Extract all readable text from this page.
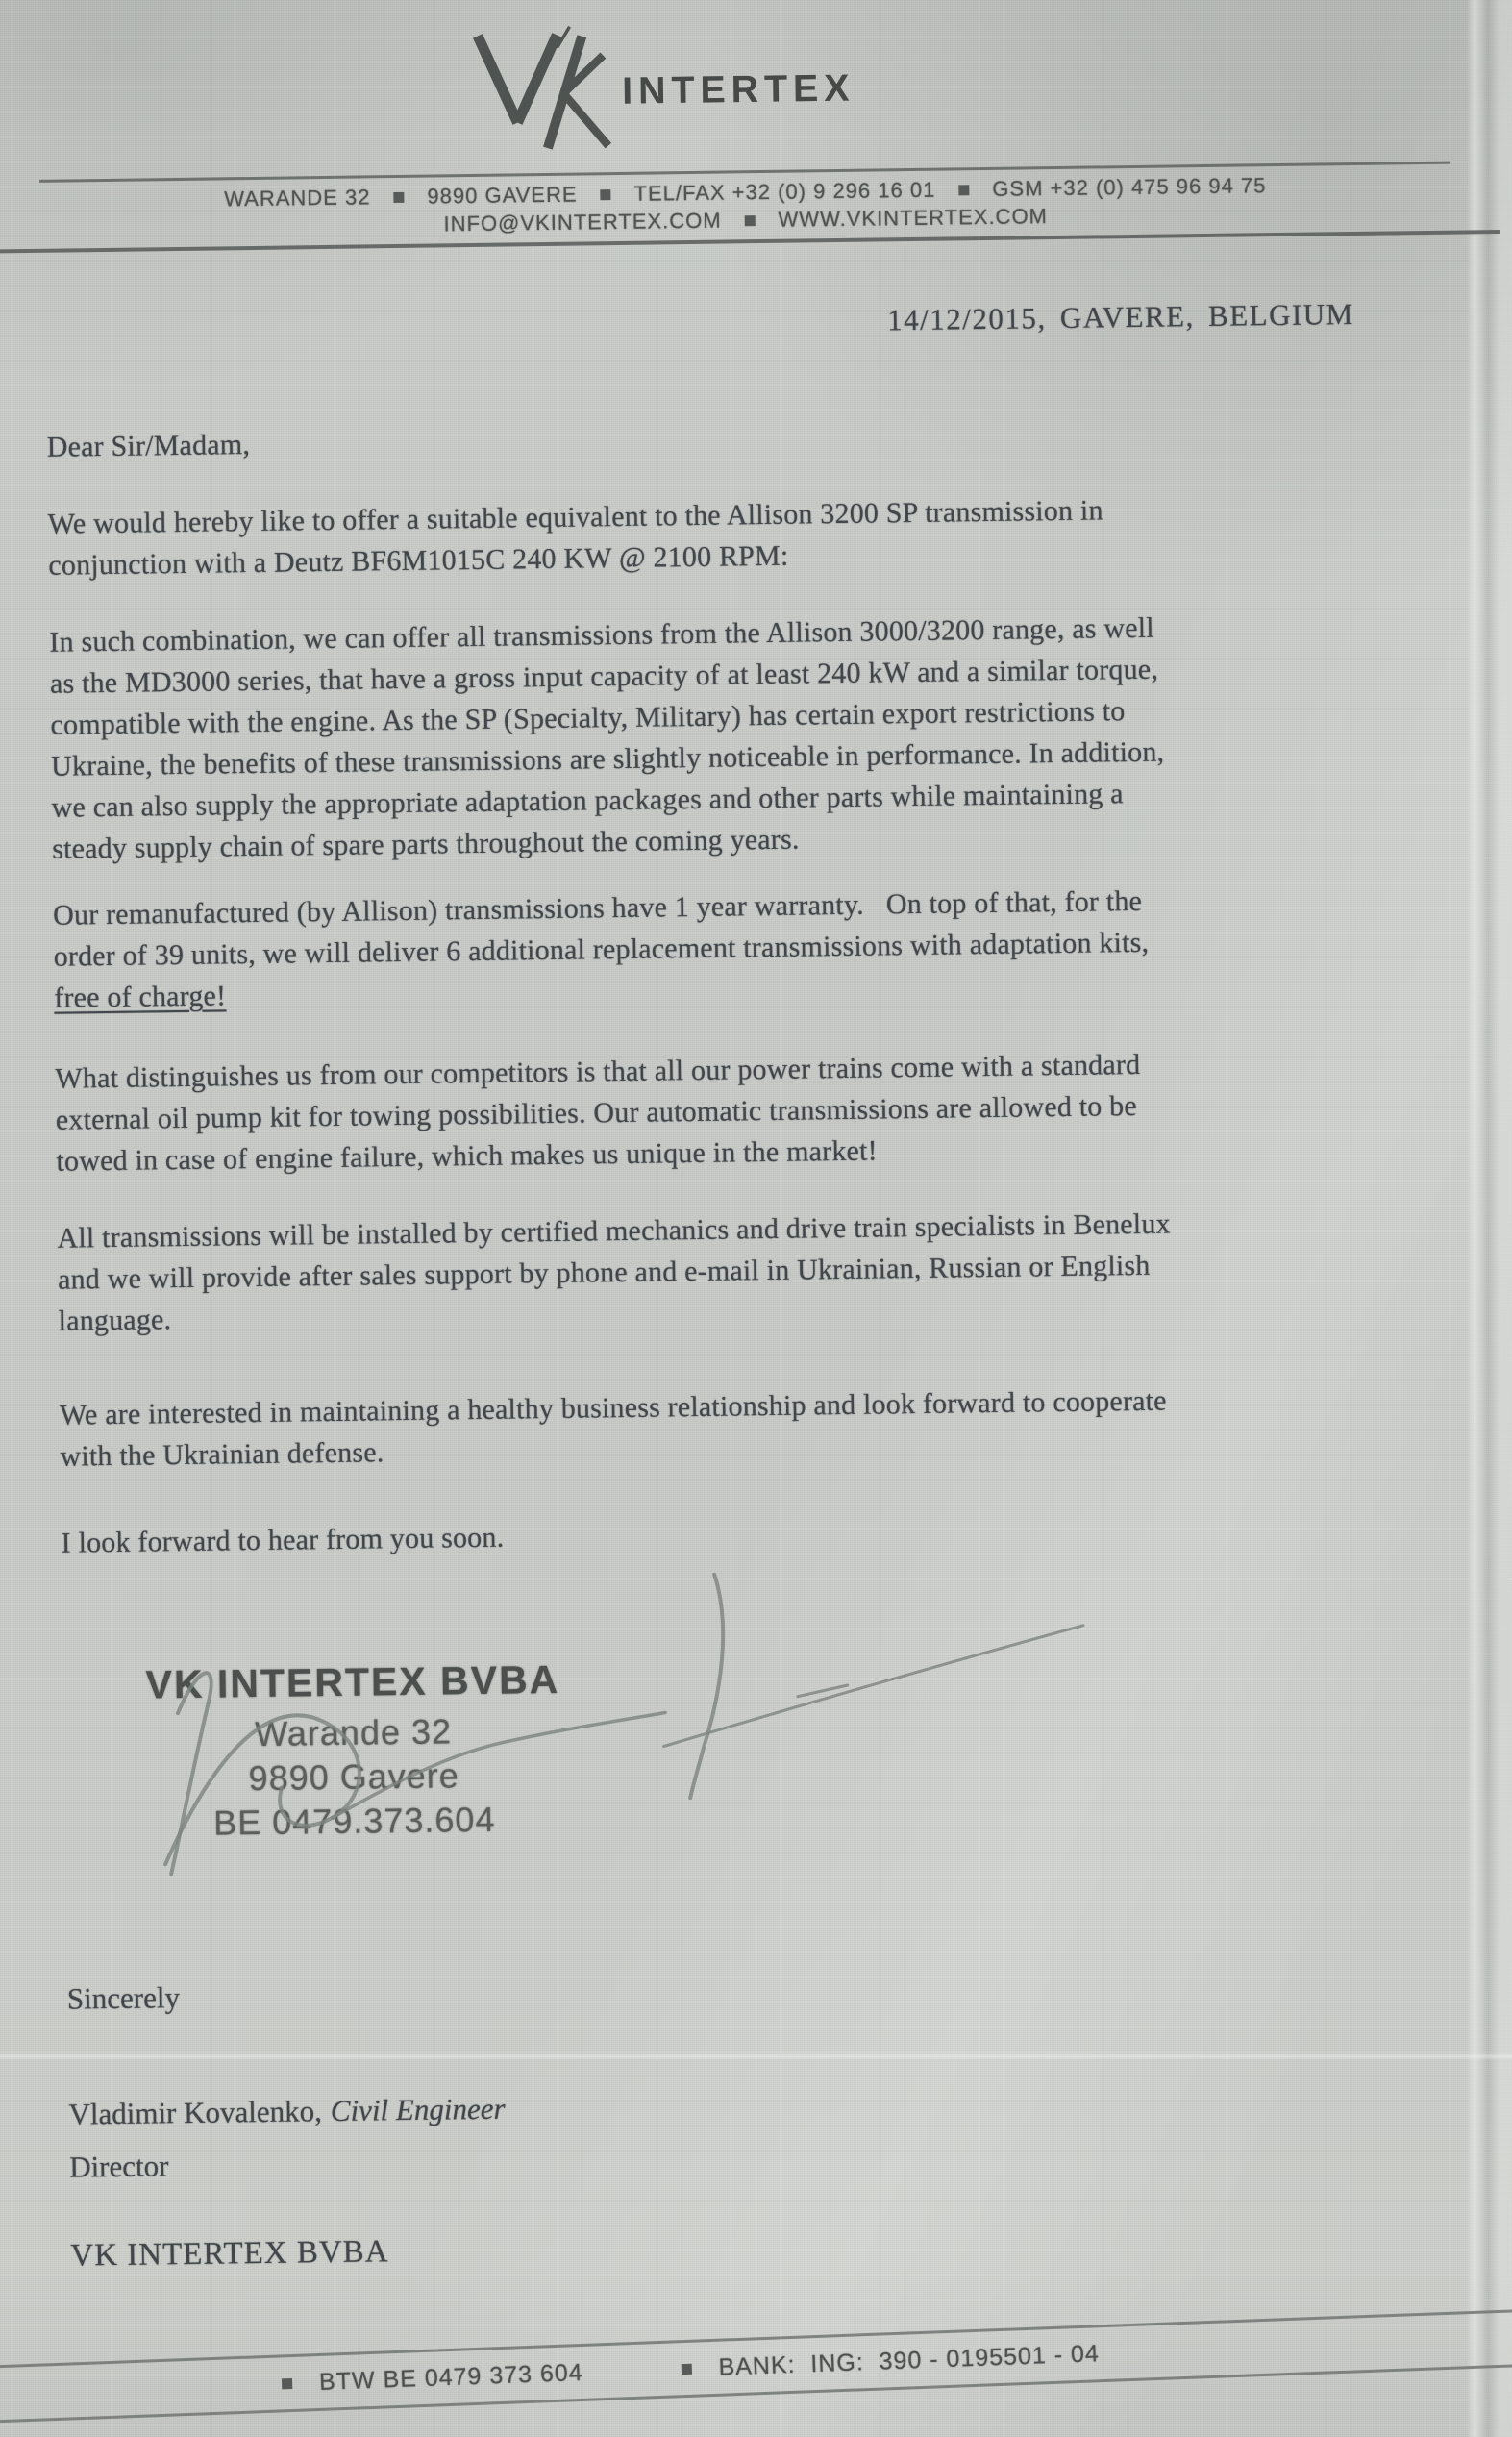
INTERTEX
WARANDE 32	9890 GAVERE	TEL/FAX +32 (0) 9 296 16 01	GSM +32 (0) 475 96 94 75
INFO@VKINTERTEX.COM	WWW.VKINTERTEX.COM
14/12/2015, GAVERE, BELGIUM
Dear Sir/Madam,
We would hereby like to offer a suitable equivalent to the Allison 3200 SP transmission in
conjunction with a Deutz BF6M1015C 240 KW @ 2100 RPM:
In such combination, we can offer all transmissions from the Allison 3000/3200 range, as well
as the MD3000 series, that have a gross input capacity of at least 240 kW and a similar torque,
compatible with the engine. As the SP (Specialty, Military) has certain export restrictions to
Ukraine, the benefits of these transmissions are slightly noticeable in performance. In addition,
we can also supply the appropriate adaptation packages and other parts while maintaining a
steady supply chain of spare parts throughout the coming years.
Our remanufactured (by Allison) transmissions have 1 year warranty.   On top of that, for the
order of 39 units, we will deliver 6 additional replacement transmissions with adaptation kits,
free of charge!
What distinguishes us from our competitors is that all our power trains come with a standard
external oil pump kit for towing possibilities. Our automatic transmissions are allowed to be
towed in case of engine failure, which makes us unique in the market!
All transmissions will be installed by certified mechanics and drive train specialists in Benelux
and we will provide after sales support by phone and e-mail in Ukrainian, Russian or English
language.
We are interested in maintaining a healthy business relationship and look forward to cooperate
with the Ukrainian defense.
I look forward to hear from you soon.
VK INTERTEX BVBA
Warande 32
9890 Gavere
BE 0479.373.604
Sincerely
Vladimir Kovalenko, Civil Engineer
Director
VK INTERTEX BVBA
BTW BE 0479 373 604	BANK:  ING:  390 - 0195501 - 04
